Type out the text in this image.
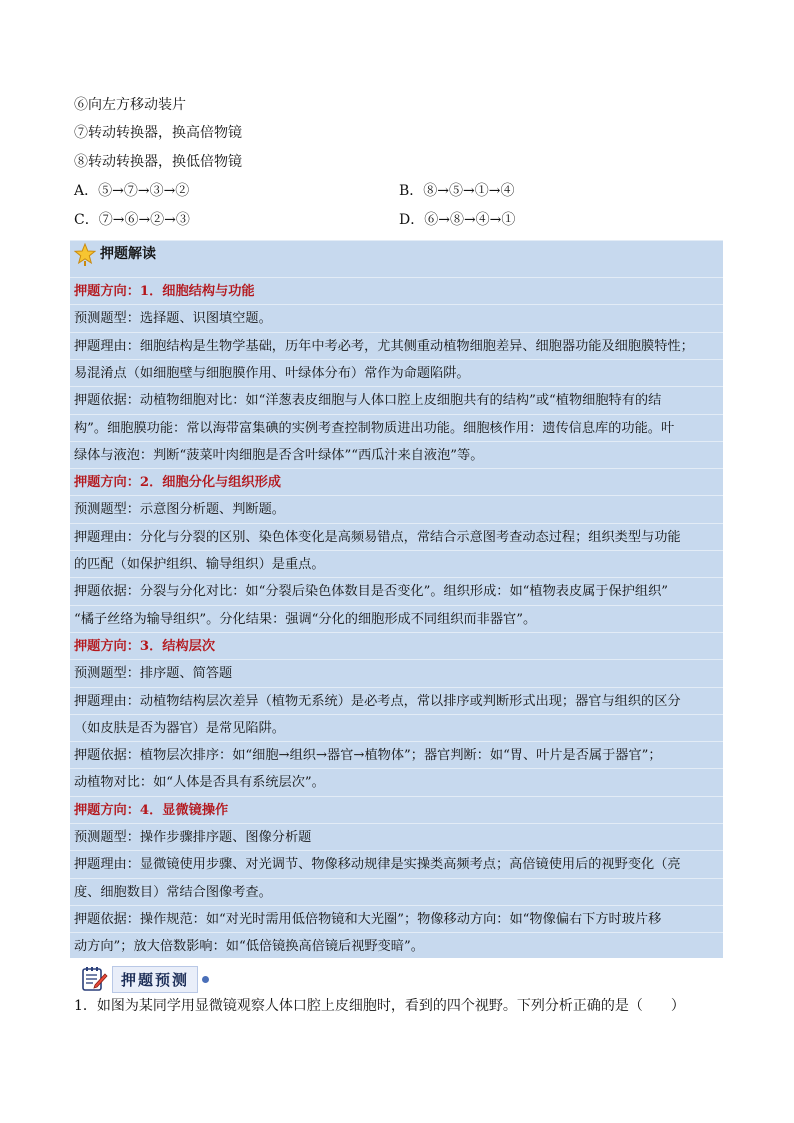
⑥向左方移动装片
⑦转动转换器，换高倍物镜
⑧转动转换器，换低倍物镜
A．⑤→⑦→③→②	B．⑧→⑤→①→④
C．⑦→⑥→②→③	D．⑥→⑧→④→①
押题解读
押题方向：1．细胞结构与功能
预测题型：选择题、识图填空题。
押题理由：细胞结构是生物学基础，历年中考必考，尤其侧重动植物细胞差异、细胞器功能及细胞膜特性；
易混淆点（如细胞壁与细胞膜作用、叶绿体分布）常作为命题陷阱。
押题依据：动植物细胞对比：如“洋葱表皮细胞与人体口腔上皮细胞共有的结构”或“植物细胞特有的结
构”。细胞膜功能：常以海带富集碘的实例考查控制物质进出功能。细胞核作用：遗传信息库的功能。叶
绿体与液泡：判断“菠菜叶肉细胞是否含叶绿体”“西瓜汁来自液泡”等。
押题方向：2．细胞分化与组织形成
预测题型：示意图分析题、判断题。
押题理由：分化与分裂的区别、染色体变化是高频易错点，常结合示意图考查动态过程；组织类型与功能
的匹配（如保护组织、输导组织）是重点。
押题依据：分裂与分化对比：如“分裂后染色体数目是否变化”。组织形成：如“植物表皮属于保护组织”
“橘子丝络为输导组织”。分化结果：强调“分化的细胞形成不同组织而非器官”。
押题方向：3．结构层次
预测题型：排序题、简答题
押题理由：动植物结构层次差异（植物无系统）是必考点，常以排序或判断形式出现；器官与组织的区分
（如皮肤是否为器官）是常见陷阱。
押题依据：植物层次排序：如“细胞→组织→器官→植物体”；器官判断：如“胃、叶片是否属于器官”；
动植物对比：如“人体是否具有系统层次”。
押题方向：4．显微镜操作
预测题型：操作步骤排序题、图像分析题
押题理由：显微镜使用步骤、对光调节、物像移动规律是实操类高频考点；高倍镜使用后的视野变化（亮
度、细胞数目）常结合图像考查。
押题依据：操作规范：如“对光时需用低倍物镜和大光圈”；物像移动方向：如“物像偏右下方时玻片移
动方向”；放大倍数影响：如“低倍镜换高倍镜后视野变暗”。
押题预测
1．如图为某同学用显微镜观察人体口腔上皮细胞时，看到的四个视野。下列分析正确的是（　　）
